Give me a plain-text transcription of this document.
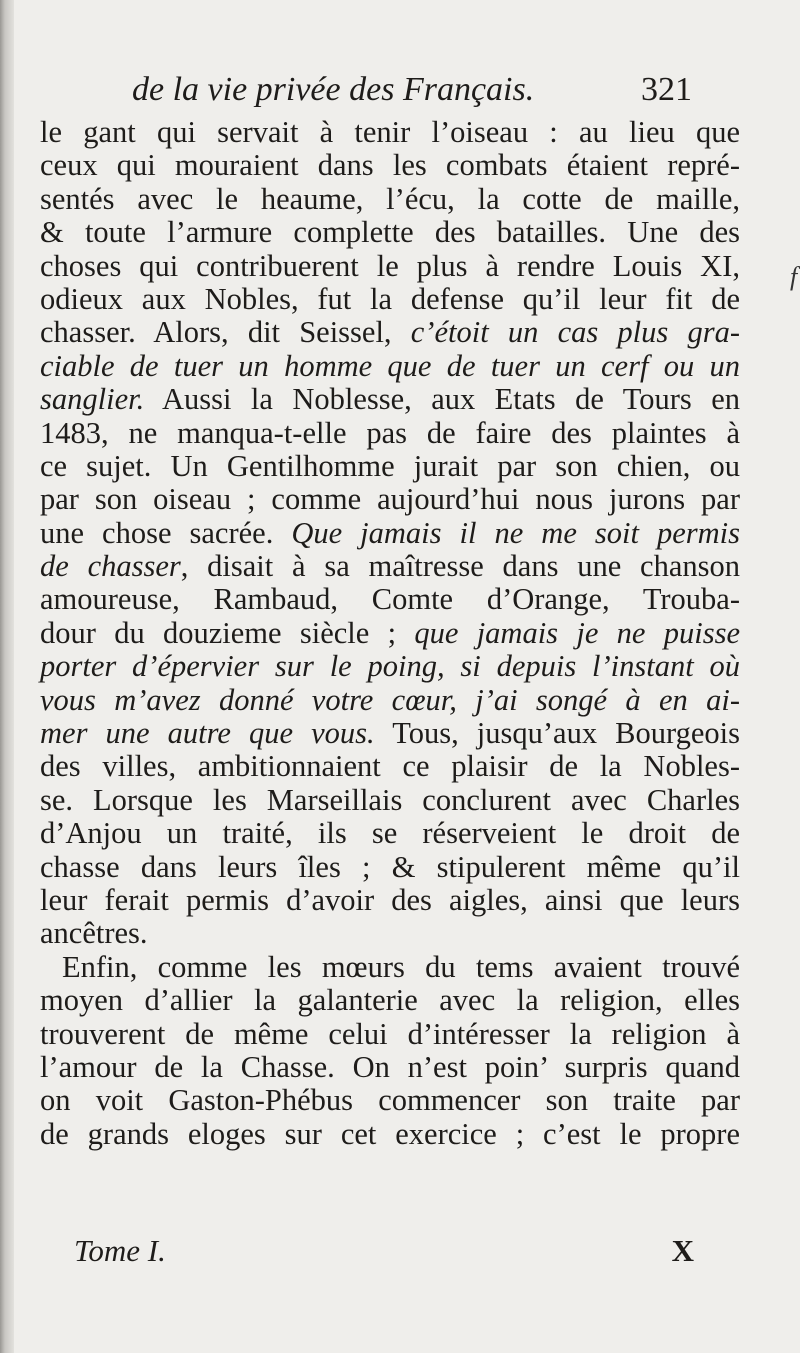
f
de la vie privée des Français.	321
le gant qui servait à tenir l’oiseau : au lieu que
ceux qui mouraient dans les combats étaient repré-
sentés avec le heaume, l’écu, la cotte de maille,
& toute l’armure complette des batailles. Une des
choses qui contribuerent le plus à rendre Louis XI,
odieux aux Nobles, fut la defense qu’il leur fit de
chasser. Alors, dit Seissel, c’étoit un cas plus gra-
ciable de tuer un homme que de tuer un cerf ou un
sanglier. Aussi la Noblesse, aux Etats de Tours en
1483, ne manqua-t-elle pas de faire des plaintes à
ce sujet. Un Gentilhomme jurait par son chien, ou
par son oiseau ; comme aujourd’hui nous jurons par
une chose sacrée. Que jamais il ne me soit permis
de chasser, disait à sa maîtresse dans une chanson
amoureuse, Rambaud, Comte d’Orange, Trouba-
dour du douzieme siècle ; que jamais je ne puisse
porter d’épervier sur le poing, si depuis l’instant où
vous m’avez donné votre cœur, j’ai songé à en ai-
mer une autre que vous. Tous, jusqu’aux Bourgeois
des villes, ambitionnaient ce plaisir de la Nobles-
se. Lorsque les Marseillais conclurent avec Charles
d’Anjou un traité, ils se réserveient le droit de
chasse dans leurs îles ; & stipulerent même qu’il
leur ferait permis d’avoir des aigles, ainsi que leurs
ancêtres.
Enfin, comme les mœurs du tems avaient trouvé
moyen d’allier la galanterie avec la religion, elles
trouverent de même celui d’intéresser la religion à
l’amour de la Chasse. On n’est poin’ surpris quand
on voit Gaston-Phébus commencer son traite par
de grands eloges sur cet exercice ; c’est le propre
Tome I.	X
